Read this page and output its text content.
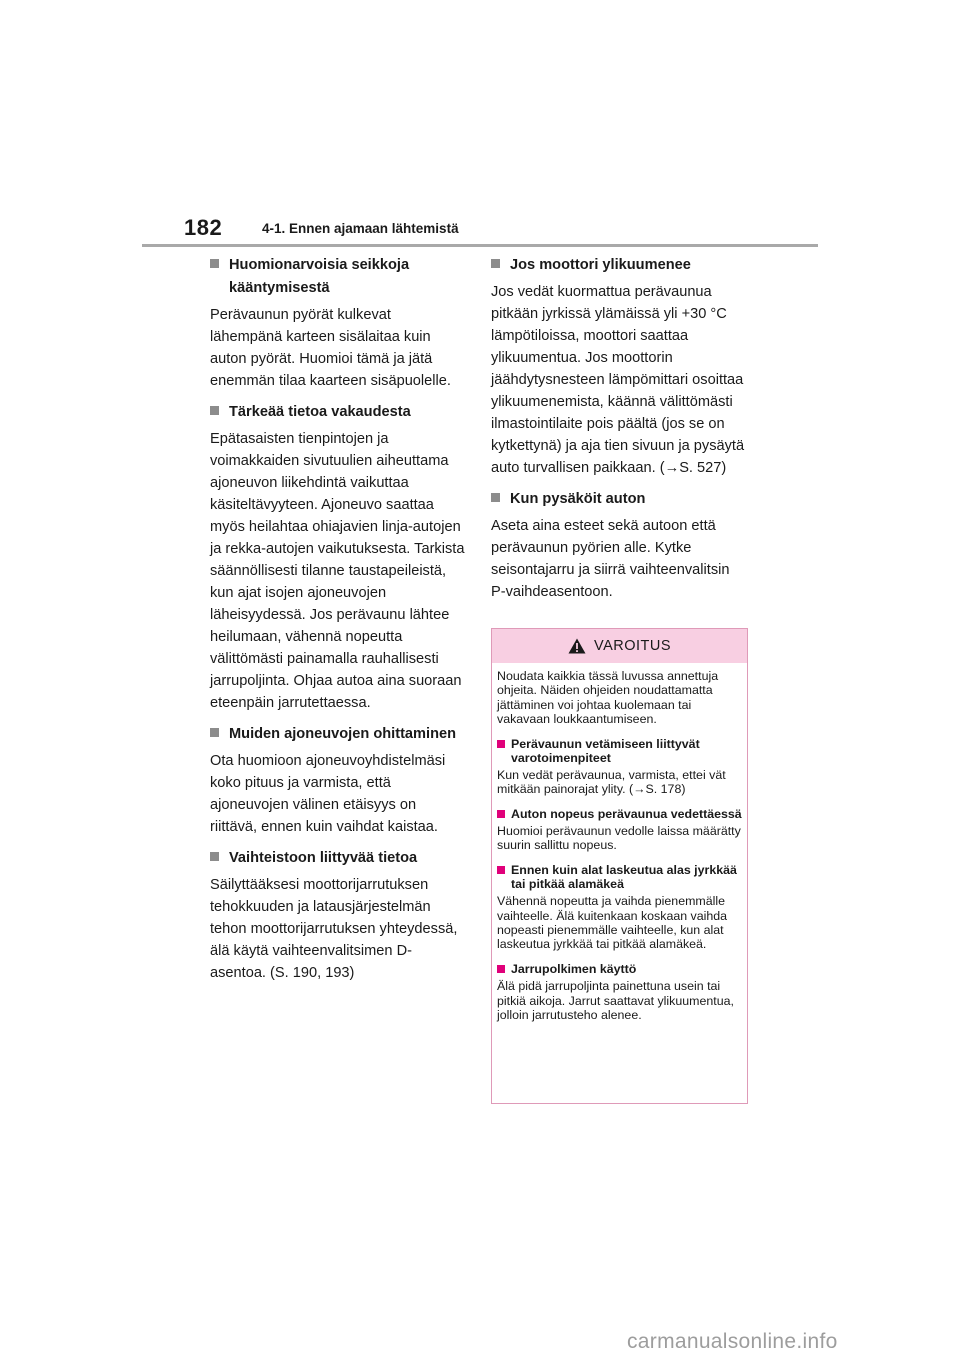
182	4-1. Ennen ajamaan lähtemistä
Huomionarvoisia seikkoja kääntymisestä

Perävaunun pyörät kulkevat lähempänä karteen sisälaitaa kuin auton pyörät. Huomioi tämä ja jätä enemmän tilaa kaarteen sisäpuolelle.

Tärkeää tietoa vakaudesta

Epätasaisten tienpintojen ja voimakkaiden sivutuulien aiheuttama ajoneuvon liikehdintä vaikuttaa käsiteltävyyteen. Ajoneuvo saattaa myös heilahtaa ohiajavien linja-autojen ja rekka-autojen vaikutuksesta. Tarkista säännöllisesti tilanne taustapeileistä, kun ajat isojen ajoneuvojen läheisyydessä. Jos perävaunu lähtee heilumaan, vähennä nopeutta välittömästi painamalla rauhallisesti jarrupoljinta. Ohjaa autoa aina suoraan eteenpäin jarrutettaessa.

Muiden ajoneuvojen ohittaminen

Ota huomioon ajoneuvoyhdistelmäsi koko pituus ja varmista, että ajoneuvojen välinen etäisyys on riittävä, ennen kuin vaihdat kaistaa.

Vaihteistoon liittyvää tietoa

Säilyttääksesi moottorijarrutuksen tehokkuuden ja latausjärjestelmän tehon moottorijarrutuksen yhteydessä, älä käytä vaihteenvalitsimen D-asentoa. (S. 190, 193)

Jos moottori ylikuumenee

Jos vedät kuormattua perävaunua pitkään jyrkissä ylämäissä yli +30 °C lämpötiloissa, moottori saattaa ylikuumentua. Jos moottorin jäähdytysnesteen lämpömittari osoittaa ylikuumenemista, käännä välittömästi ilmastointilaite pois päältä (jos se on kytkettynä) ja aja tien sivuun ja pysäytä auto turvallisen paikkaan. (→S. 527)

Kun pysäköit auton

Aseta aina esteet sekä autoon että perävaunun pyörien alle. Kytke seisontajarru ja siirrä vaihteenvalitsin P-vaihdeasentoon.

VAROITUS

Noudata kaikkia tässä luvussa annettuja ohjeita. Näiden ohjeiden noudattamatta jättäminen voi johtaa kuolemaan tai vakavaan loukkaantumiseen.

Perävaunun vetämiseen liittyvät varotoimenpiteet

Kun vedät perävaunua, varmista, ettei vät mitkään painorajat ylity. (→S. 178)

Auton nopeus perävaunua vedettäessä

Huomioi perävaunun vedolle laissa määrätty suurin sallittu nopeus.

Ennen kuin alat laskeutua alas jyrkkää tai pitkää alamäkeä

Vähennä nopeutta ja vaihda pienemmälle vaihteelle. Älä kuitenkaan koskaan vaihda nopeasti pienemmälle vaihteelle, kun alat laskeutua jyrkkää tai pitkää alamäkeä.

Jarrupolkimen käyttö

Älä pidä jarrupoljinta painettuna usein tai pitkiä aikoja. Jarrut saattavat ylikuumentua, jolloin jarrutusteho alenee.

carmanualsonline.info
